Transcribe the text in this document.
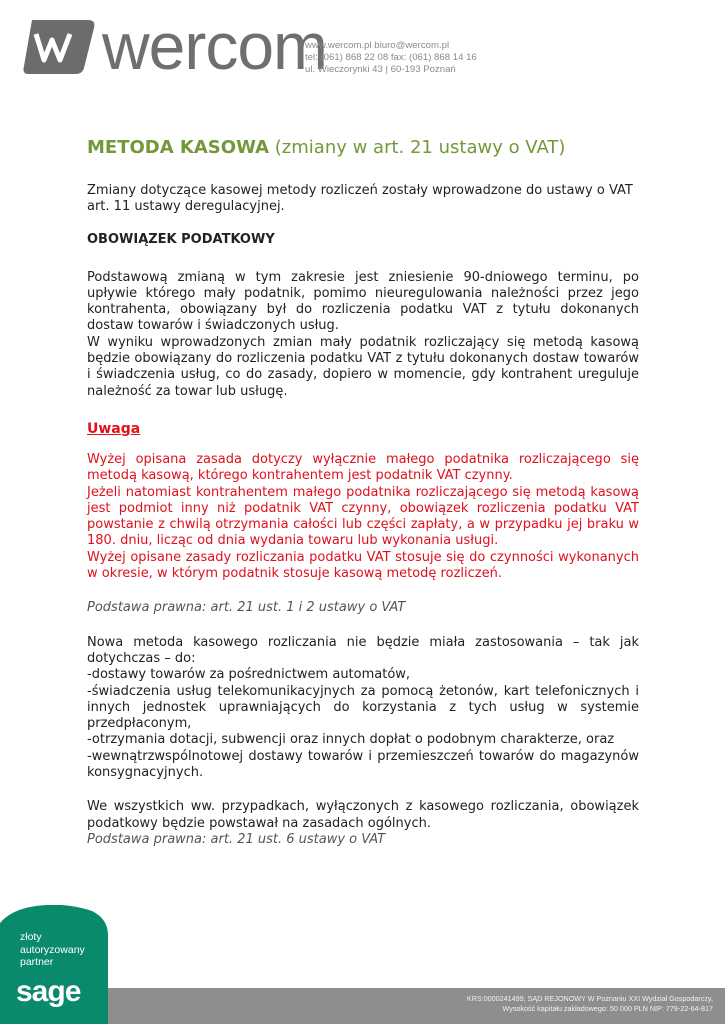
wercom
www.wercom.pl biuro@wercom.pl
tel: (061) 868 22 08 fax: (061) 868 14 16
ul. Wieczorynki 43 | 60-193 Poznań
METODA KASOWA (zmiany w art. 21 ustawy o VAT)

Zmiany dotyczące kasowej metody rozliczeń zostały wprowadzone do ustawy o VAT art. 11 ustawy deregulacyjnej.

OBOWIĄZEK PODATKOWY

Podstawową zmianą w tym zakresie jest zniesienie 90-dniowego terminu, po upływie którego mały podatnik, pomimo nieuregulowania należności przez jego kontrahenta, obowiązany był do rozliczenia podatku VAT z tytułu dokonanych dostaw towarów i świadczonych usług.

W wyniku wprowadzonych zmian mały podatnik rozliczający się metodą kasową będzie obowiązany do rozliczenia podatku VAT z tytułu dokonanych dostaw towarów i świadczenia usług, co do zasady, dopiero w momencie, gdy kontrahent ureguluje należność za towar lub usługę.

Uwaga

Wyżej opisana zasada dotyczy wyłącznie małego podatnika rozliczającego się metodą kasową, którego kontrahentem jest podatnik VAT czynny.

Jeżeli natomiast kontrahentem małego podatnika rozliczającego się metodą kasową jest podmiot inny niż podatnik VAT czynny, obowiązek rozliczenia podatku VAT powstanie z chwilą otrzymania całości lub części zapłaty, a w przypadku jej braku w 180. dniu, licząc od dnia wydania towaru lub wykonania usługi.

Wyżej opisane zasady rozliczania podatku VAT stosuje się do czynności wykonanych w okresie, w którym podatnik stosuje kasową metodę rozliczeń.

Podstawa prawna: art. 21 ust. 1 i 2 ustawy o VAT

Nowa metoda kasowego rozliczania nie będzie miała zastosowania – tak jak dotychczas – do:

-dostawy towarów za pośrednictwem automatów,

-świadczenia usług telekomunikacyjnych za pomocą żetonów, kart telefonicznych i innych jednostek uprawniających do korzystania z tych usług w systemie przedpłaconym,

-otrzymania dotacji, subwencji oraz innych dopłat o podobnym charakterze, oraz

-wewnątrzwspólnotowej dostawy towarów i przemieszczeń towarów do magazynów konsygnacyjnych.

We wszystkich ww. przypadkach, wyłączonych z kasowego rozliczania, obowiązek podatkowy będzie powstawał na zasadach ogólnych.

Podstawa prawna: art. 21 ust. 6 ustawy o VAT

KRS:0000241499, SĄD REJONOWY W Poznaniu XXI Wydział Gospodarczy,
Wysokość kapitału zakładowego: 50 000 PLN NIP: 779-22-64-817
złoty
autoryzowany
partner
sage
